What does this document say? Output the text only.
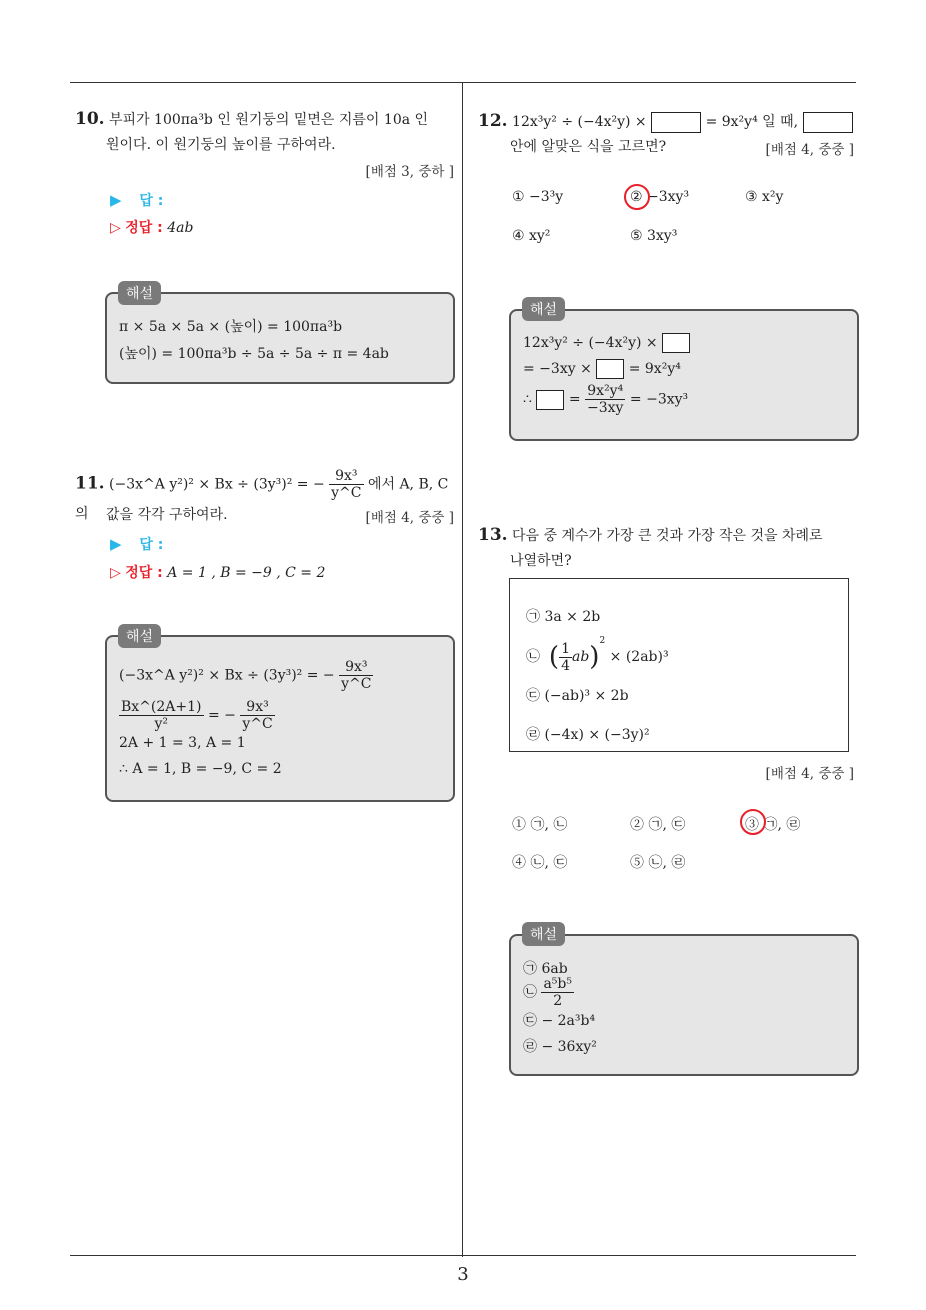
3
10. 부피가 100πa³b 인 원기둥의 밑면은 지름이 10a 인
원이다. 이 원기둥의 높이를 구하여라.
[배점 3, 중하 ]
▶ 답 :
▷ 정답 : 4ab
π × 5a × 5a × (높이) = 100πa³b
(높이) = 100πa³b ÷ 5a ÷ 5a ÷ π = 4ab
해설
11. (−3x^A y²)² × Bx ÷ (3y³)² = − $\frac{\text{9x³}}{y\^{}C}$ 에서 A, B, C 의	값을 각각 구하여라.	[배점 4, 중중 ]
▶ 답 :
▷ 정답 : A = 1 , B = −9 , C = 2
(−3x^A y²)² × Bx ÷ (3y³)² = − $\frac{\text{9x³}}{y\^{}C}$
$\frac{Bx\^{}(2A+1)}{\text{y²}}$ = − $\frac{\text{9x³}}{y\^{}C}$
2A + 1 = 3, A = 1
∴ A = 1, B = −9, C = 2
해설
12. 12x³y² ÷ (−4x²y) ×	= 9x²y⁴ 일 때,
안에 알맞은 식을 고르면?	[배점 4, 중중 ]
① −3³y	② −3xy³	③ x²y
④ xy²	⑤ 3xy³
12x³y² ÷ (−4x²y) ×
= −3xy ×	= 9x²y⁴
∴	= $\frac{\text{9x²y⁴}}{-3xy} = -3xy^3$
해설
13. 다음 중 계수가 가장 큰 것과 가장 작은 것을 차례로
나열하면?
㉠ 3a × 2b
㉡ ( $\frac{1}{4} ab)^2 \times (2ab)^3$
㉢ (−ab)³ × 2b
㉣ (−4x) × (−3y)²
[배점 4, 중중 ]
① ㉠, ㉡	② ㉠, ㉢	③ ㉠, ㉣
④ ㉡, ㉢	⑤ ㉡, ㉣
㉠ 6ab
㉡ $\frac{\text{a⁵b⁵}}{2}$
㉢ − 2a³b⁴
㉣ − 36xy²
해설
